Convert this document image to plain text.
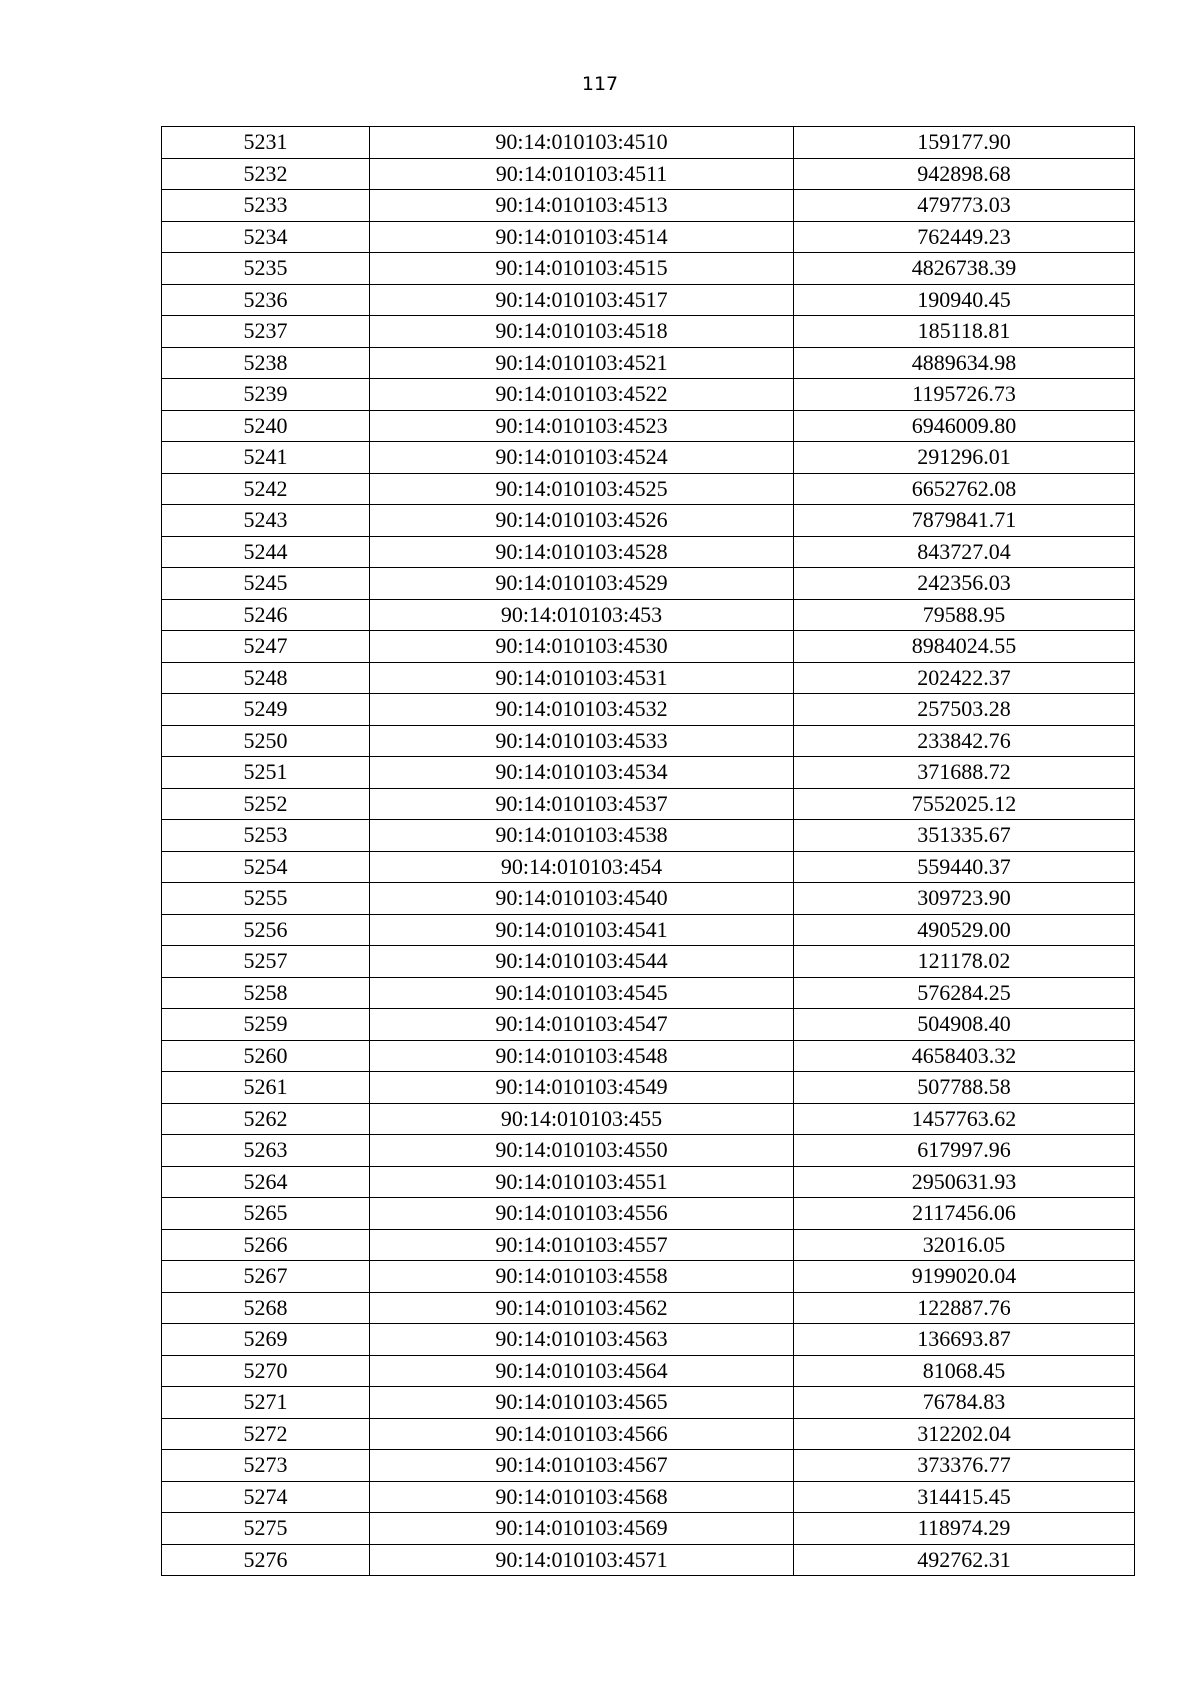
117
5231	90:14:010103:4510	159177.90
5232	90:14:010103:4511	942898.68
5233	90:14:010103:4513	479773.03
5234	90:14:010103:4514	762449.23
5235	90:14:010103:4515	4826738.39
5236	90:14:010103:4517	190940.45
5237	90:14:010103:4518	185118.81
5238	90:14:010103:4521	4889634.98
5239	90:14:010103:4522	1195726.73
5240	90:14:010103:4523	6946009.80
5241	90:14:010103:4524	291296.01
5242	90:14:010103:4525	6652762.08
5243	90:14:010103:4526	7879841.71
5244	90:14:010103:4528	843727.04
5245	90:14:010103:4529	242356.03
5246	90:14:010103:453	79588.95
5247	90:14:010103:4530	8984024.55
5248	90:14:010103:4531	202422.37
5249	90:14:010103:4532	257503.28
5250	90:14:010103:4533	233842.76
5251	90:14:010103:4534	371688.72
5252	90:14:010103:4537	7552025.12
5253	90:14:010103:4538	351335.67
5254	90:14:010103:454	559440.37
5255	90:14:010103:4540	309723.90
5256	90:14:010103:4541	490529.00
5257	90:14:010103:4544	121178.02
5258	90:14:010103:4545	576284.25
5259	90:14:010103:4547	504908.40
5260	90:14:010103:4548	4658403.32
5261	90:14:010103:4549	507788.58
5262	90:14:010103:455	1457763.62
5263	90:14:010103:4550	617997.96
5264	90:14:010103:4551	2950631.93
5265	90:14:010103:4556	2117456.06
5266	90:14:010103:4557	32016.05
5267	90:14:010103:4558	9199020.04
5268	90:14:010103:4562	122887.76
5269	90:14:010103:4563	136693.87
5270	90:14:010103:4564	81068.45
5271	90:14:010103:4565	76784.83
5272	90:14:010103:4566	312202.04
5273	90:14:010103:4567	373376.77
5274	90:14:010103:4568	314415.45
5275	90:14:010103:4569	118974.29
5276	90:14:010103:4571	492762.31
